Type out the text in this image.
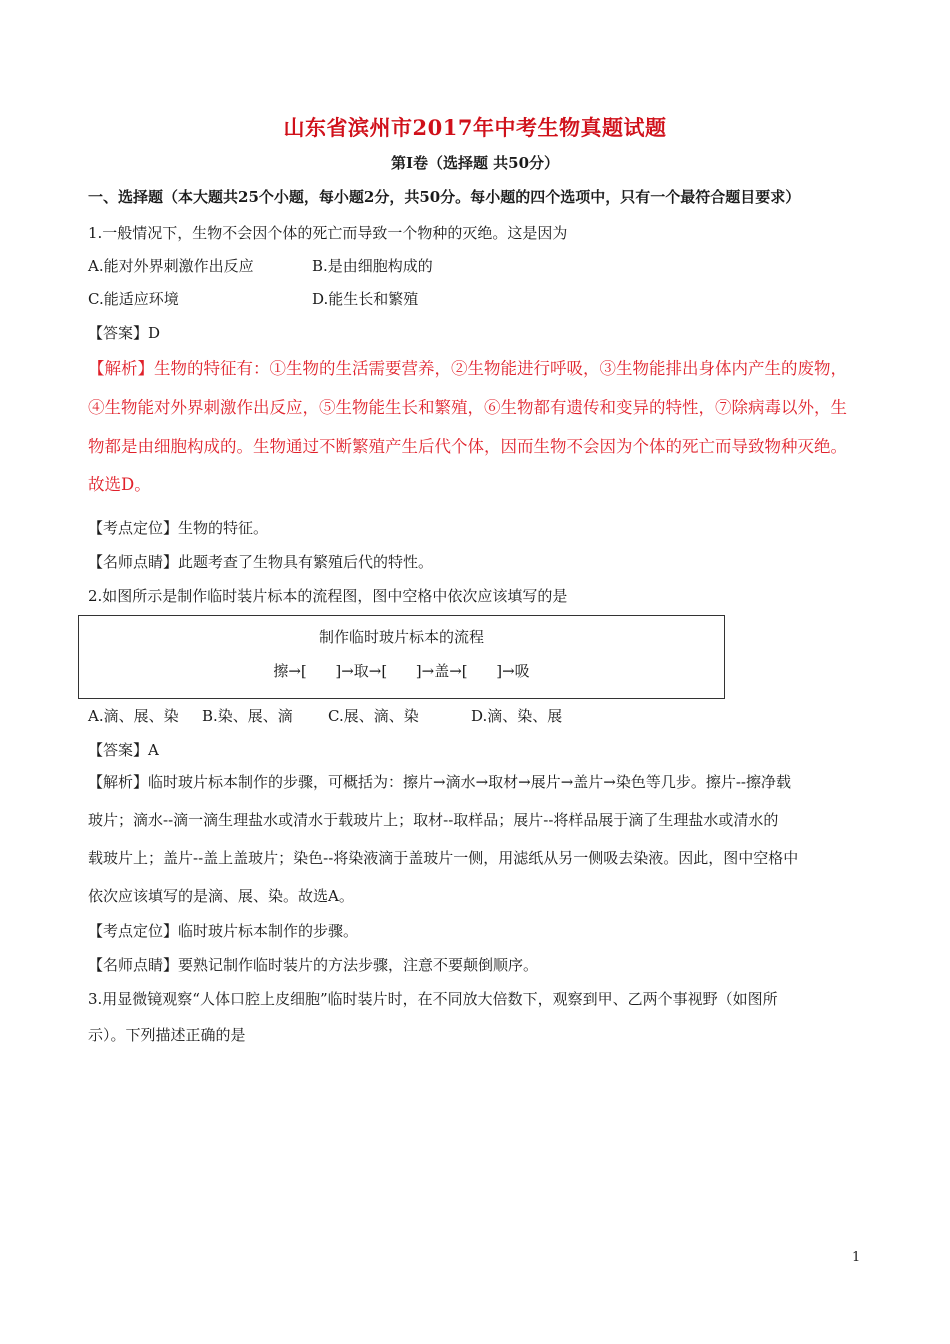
山东省滨州市2017年中考生物真题试题
第Ⅰ卷（选择题 共50分）
一、选择题（本大题共25个小题，每小题2分，共50分。每小题的四个选项中，只有一个最符合题目要求）
1.一般情况下，生物不会因个体的死亡而导致一个物种的灭绝。这是因为
A.能对外界刺激作出反应	B.是由细胞构成的
C.能适应环境	D.能生长和繁殖
【答案】D
【解析】生物的特征有：①生物的生活需要营养，②生物能进行呼吸，③生物能排出身体内产生的废物，
④生物能对外界刺激作出反应，⑤生物能生长和繁殖，⑥生物都有遗传和变异的特性，⑦除病毒以外，生
物都是由细胞构成的。生物通过不断繁殖产生后代个体，因而生物不会因为个体的死亡而导致物种灭绝。
故选D。
【考点定位】生物的特征。
【名师点睛】此题考查了生物具有繁殖后代的特性。
2.如图所示是制作临时装片标本的流程图，图中空格中依次应该填写的是
制作临时玻片标本的流程
擦→[      ]→取→[      ]→盖→[      ]→吸
A.滴、展、染 B.染、展、滴 C.展、滴、染	D.滴、染、展
【答案】A
【解析】临时玻片标本制作的步骤，可概括为：擦片→滴水→取材→展片→盖片→染色等几步。擦片--擦净载
玻片；滴水--滴一滴生理盐水或清水于载玻片上；取材--取样品；展片--将样品展于滴了生理盐水或清水的
载玻片上；盖片--盖上盖玻片；染色--将染液滴于盖玻片一侧，用滤纸从另一侧吸去染液。因此，图中空格中
依次应该填写的是滴、展、染。故选A。
【考点定位】临时玻片标本制作的步骤。
【名师点睛】要熟记制作临时装片的方法步骤，注意不要颠倒顺序。
3.用显微镜观察“人体口腔上皮细胞”临时装片时，在不同放大倍数下，观察到甲、乙两个事视野（如图所
示）。下列描述正确的是
1
